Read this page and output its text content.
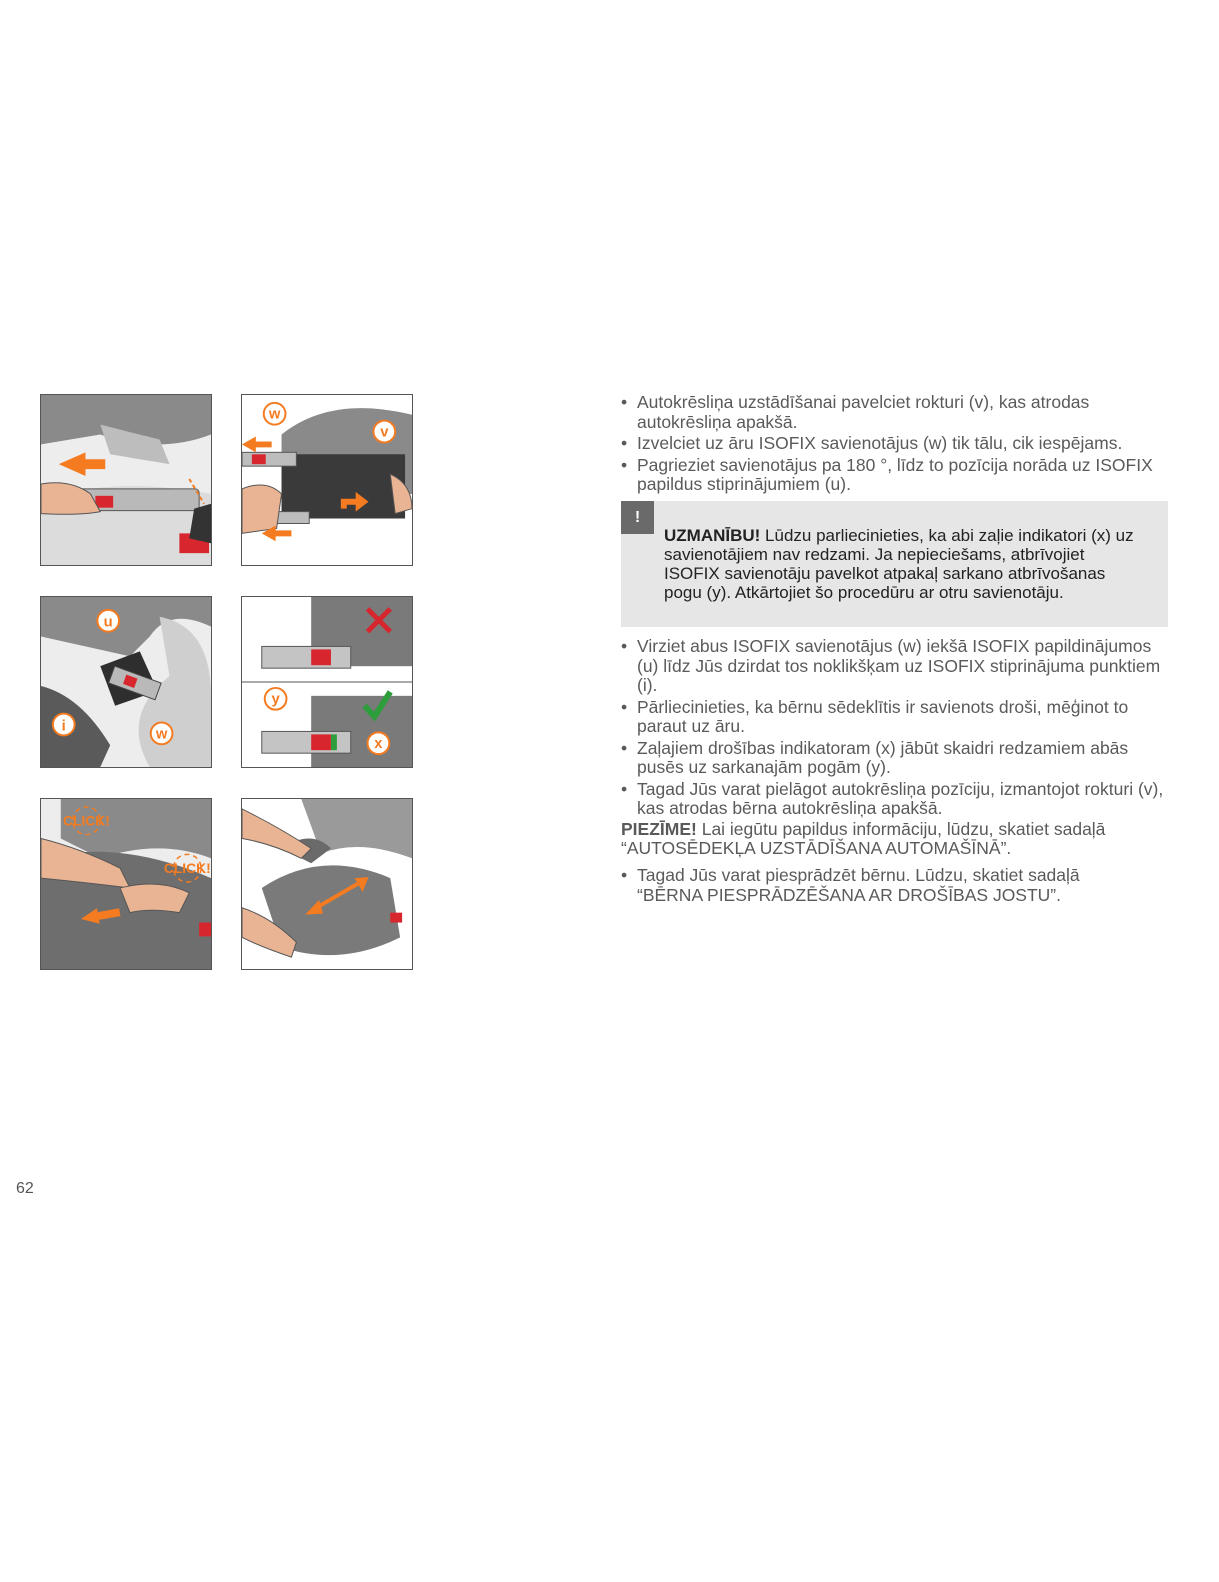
w
v
u
i	w
y
x
CLICK!
CLICK!
• Autokrēsliņa uzstādīšanai pavelciet rokturi (v), kas atrodas autokrēsliņa apakšā.
• Izvelciet uz āru ISOFIX savienotājus (w) tik tālu, cik iespējams.
• Pagrieziet savienotājus pa 180 °, līdz to pozīcija norāda uz ISOFIX papildus stiprinājumiem (u).
!
UZMANĪBU! Lūdzu parliecinieties, ka abi zaļie indikatori (x) uz savienotājiem nav redzami. Ja nepieciešams, atbrīvojiet ISOFIX savienotāju pavelkot atpakaļ sarkano atbrīvošanas pogu (y). Atkārtojiet šo procedūru ar otru savienotāju.
• Virziet abus ISOFIX savienotājus (w) iekšā ISOFIX papildinājumos (u) līdz Jūs dzirdat tos noklikšķam uz ISOFIX stiprinājuma punktiem (i).
• Pārliecinieties, ka bērnu sēdeklītis ir savienots droši, mēģinot to paraut uz āru.
• Zaļajiem drošības indikatoram (x) jābūt skaidri redzamiem abās pusēs uz sarkanajām pogām (y).
• Tagad Jūs varat pielāgot autokrēsliņa pozīciju, izmantojot rokturi (v), kas atrodas bērna autokrēsliņa apakšā.
PIEZĪME! Lai iegūtu papildus informāciju, lūdzu, skatiet sadaļā “AUTOSĒDEKĻA UZSTĀDĪŠANA AUTOMAŠĪNĀ”.
• Tagad Jūs varat piesprādzēt bērnu. Lūdzu, skatiet sadaļā “BĒRNA PIESPRĀDZĒŠANA AR DROŠĪBAS JOSTU”.
62
